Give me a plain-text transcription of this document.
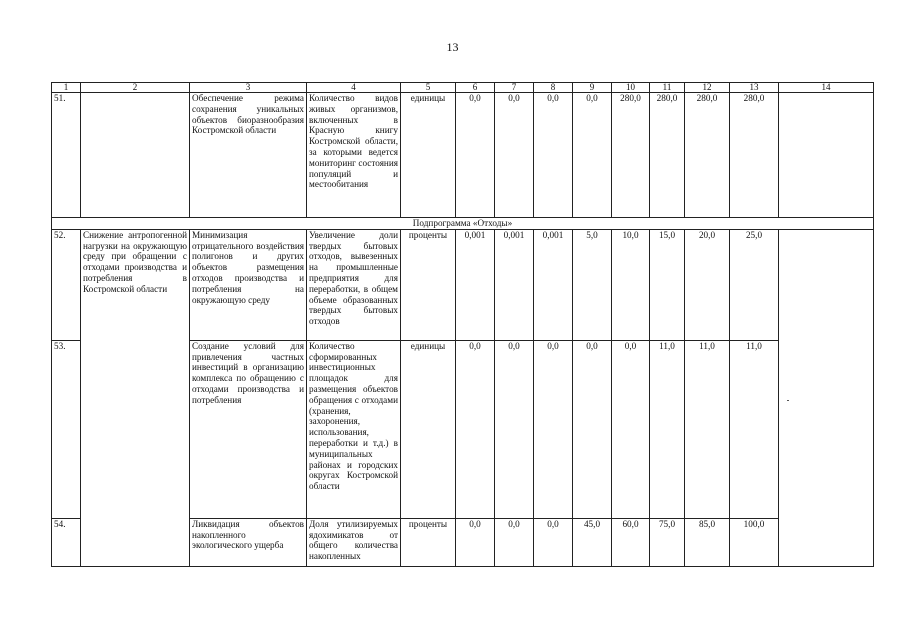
13
1	2	3	4	5	6	7	8	9	10	11	12	13	14
51.		Обеспечение режима сохранения уникальных объектов биоразнообразия Костромской области	Количество видов живых организмов, включенных в Красную книгу Костромской области, за которыми ведется мониторинг состояния популяций и местообитания	единицы	0,0	0,0	0,0	0,0	280,0	280,0	280,0	280,0	
Подпрограмма «Отходы»													
52.	Снижение антропогенной нагрузки на окружающую среду при обращении с отходами производства и потребления в Костромской области	Минимизация отрицательного воздействия полигонов и других объектов размещения отходов производства и потребления на окружающую среду	Увеличение доли твердых бытовых отходов, вывезенных на промышленные предприятия для переработки, в общем объеме образованных твердых бытовых отходов	проценты	0,001	0,001	0,001	5,0	10,0	15,0	20,0	25,0	
53.		Создание условий для привлечения частных инвестиций в организацию комплекса по обращению с отходами производства и потребления	Количество сформированных инвестиционных площадок для размещения объектов обращения с отходами (хранения, захоронения, использования, переработки и т.д.) в муниципальных районах и городских округах Костромской области	единицы	0,0	0,0	0,0	0,0	0,0	11,0	11,0	11,0	
54.		Ликвидация объектов накопленного экологического ущерба	Доля утилизируемых ядохимикатов от общего количества накопленных	проценты	0,0	0,0	0,0	45,0	60,0	75,0	85,0	100,0	
